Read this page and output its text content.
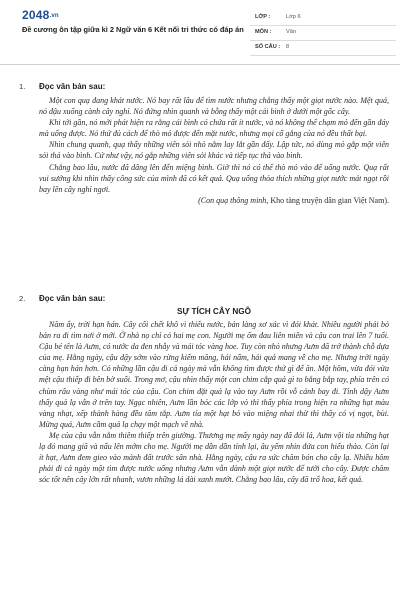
2048.vn
Đề cương ôn tập giữa kì 2 Ngữ văn 6 Kết nối tri thức có đáp án
LỚP :	Lớp 6
MÔN :	Văn
SỐ CÂU : 8
1. Đọc văn bản sau:

Một con quạ đang khát nước. Nó bay rất lâu để tìm nước nhưng chẳng thấy một giọt nước nào. Mệt quá, nó đậu xuống cành cây nghỉ. Nó đứng nhìn quanh và bỗng thấy một cái bình ở dưới một gốc cây.

Khi tới gần, nó mới phát hiện ra rằng cái bình có chứa rất ít nước, và nó không thể chạm mỏ đến gần đáy mà uống được. Nó thử đủ cách để thò mỏ được đến mặt nước, nhưng mọi cố gắng của nó đều thất bại.

Nhìn chung quanh, quạ thấy những viên sỏi nhỏ nằm lay lắt gần đấy. Lập tức, nó dùng mỏ gắp một viên sỏi thả vào bình. Cứ như vậy, nó gắp những viên sỏi khác và tiếp tục thả vào bình.

Chẳng bao lâu, nước đã dâng lên đến miệng bình. Giờ thì nó có thể thò mỏ vào để uống nước. Quạ rất vui sướng khi nhìn thấy công sức của mình đã có kết quả. Quạ uống thỏa thích những giọt nước mát ngọt rồi bay lên cây nghỉ ngơi.

(Con quạ thông minh, Kho tàng truyện dân gian Việt Nam).

2. Đọc văn bản sau:
SỰ TÍCH CÂY NGÔ

Năm ấy, trời hạn hán. Cây cối chết khô vì thiếu nước, bản làng xơ xác vì đói khát. Nhiều người phải bỏ bản ra đi tìm nơi ở mới. Ở nhà nọ chỉ có hai mẹ con. Người mẹ ốm đau liên miên và cậu con trai lên 7 tuổi. Cậu bé tên là Aưm, có nước da đen nhẫy và mái tóc vàng hoe. Tuy còn nhỏ nhưng Aưm đã trở thành chỗ dựa của mẹ. Hằng ngày, cậu dậy sớm vào rừng kiếm măng, hái nấm, hái quả mang về cho mẹ. Nhưng trời ngày càng hạn hán hơn. Có những lần cậu đi cả ngày mà vẫn không tìm được thứ gì để ăn. Một hôm, vừa đói vừa mệt cậu thiếp đi bên bờ suối. Trong mơ, cậu nhìn thấy một con chim cắp quả gì to bằng bắp tay, phía trên có chùm râu vàng như mái tóc của cậu. Con chim đặt quả lạ vào tay Aưm rồi vỗ cánh bay đi. Tỉnh dậy Aưm thấy quả lạ vẫn ở trên tay. Ngạc nhiên, Aưm lần bóc các lớp vỏ thì thấy phía trong hiện ra những hạt màu vàng nhạt, xếp thành hàng đều tăm tắp. Aưm tỉa một hạt bỏ vào miệng nhai thử thì thấy có vị ngọt, bùi. Mừng quá, Aưm cầm quả lạ chạy một mạch về nhà.

Mẹ của cậu vẫn nằm thiêm thiếp trên giường. Thương mẹ mấy ngày nay đã đói lả, Aưm vội tỉa những hạt lạ đó mang giã và nấu lên mớm cho mẹ. Người mẹ dần dần tỉnh lại, âu yếm nhìn đứa con hiếu thảo. Còn lại ít hạt, Aưm đem gieo vào mảnh đất trước sân nhà. Hằng ngày, cậu ra sức chăm bón cho cây lạ. Nhiều hôm phải đi cả ngày một tìm được nước uống nhưng Aưm vẫn dành một giọt nước để tưới cho cây. Được chăm sóc tốt nên cây lớn rất nhanh, vươn những lá dài xanh mướt. Chẳng bao lâu, cây đã trổ hoa, kết quả.
